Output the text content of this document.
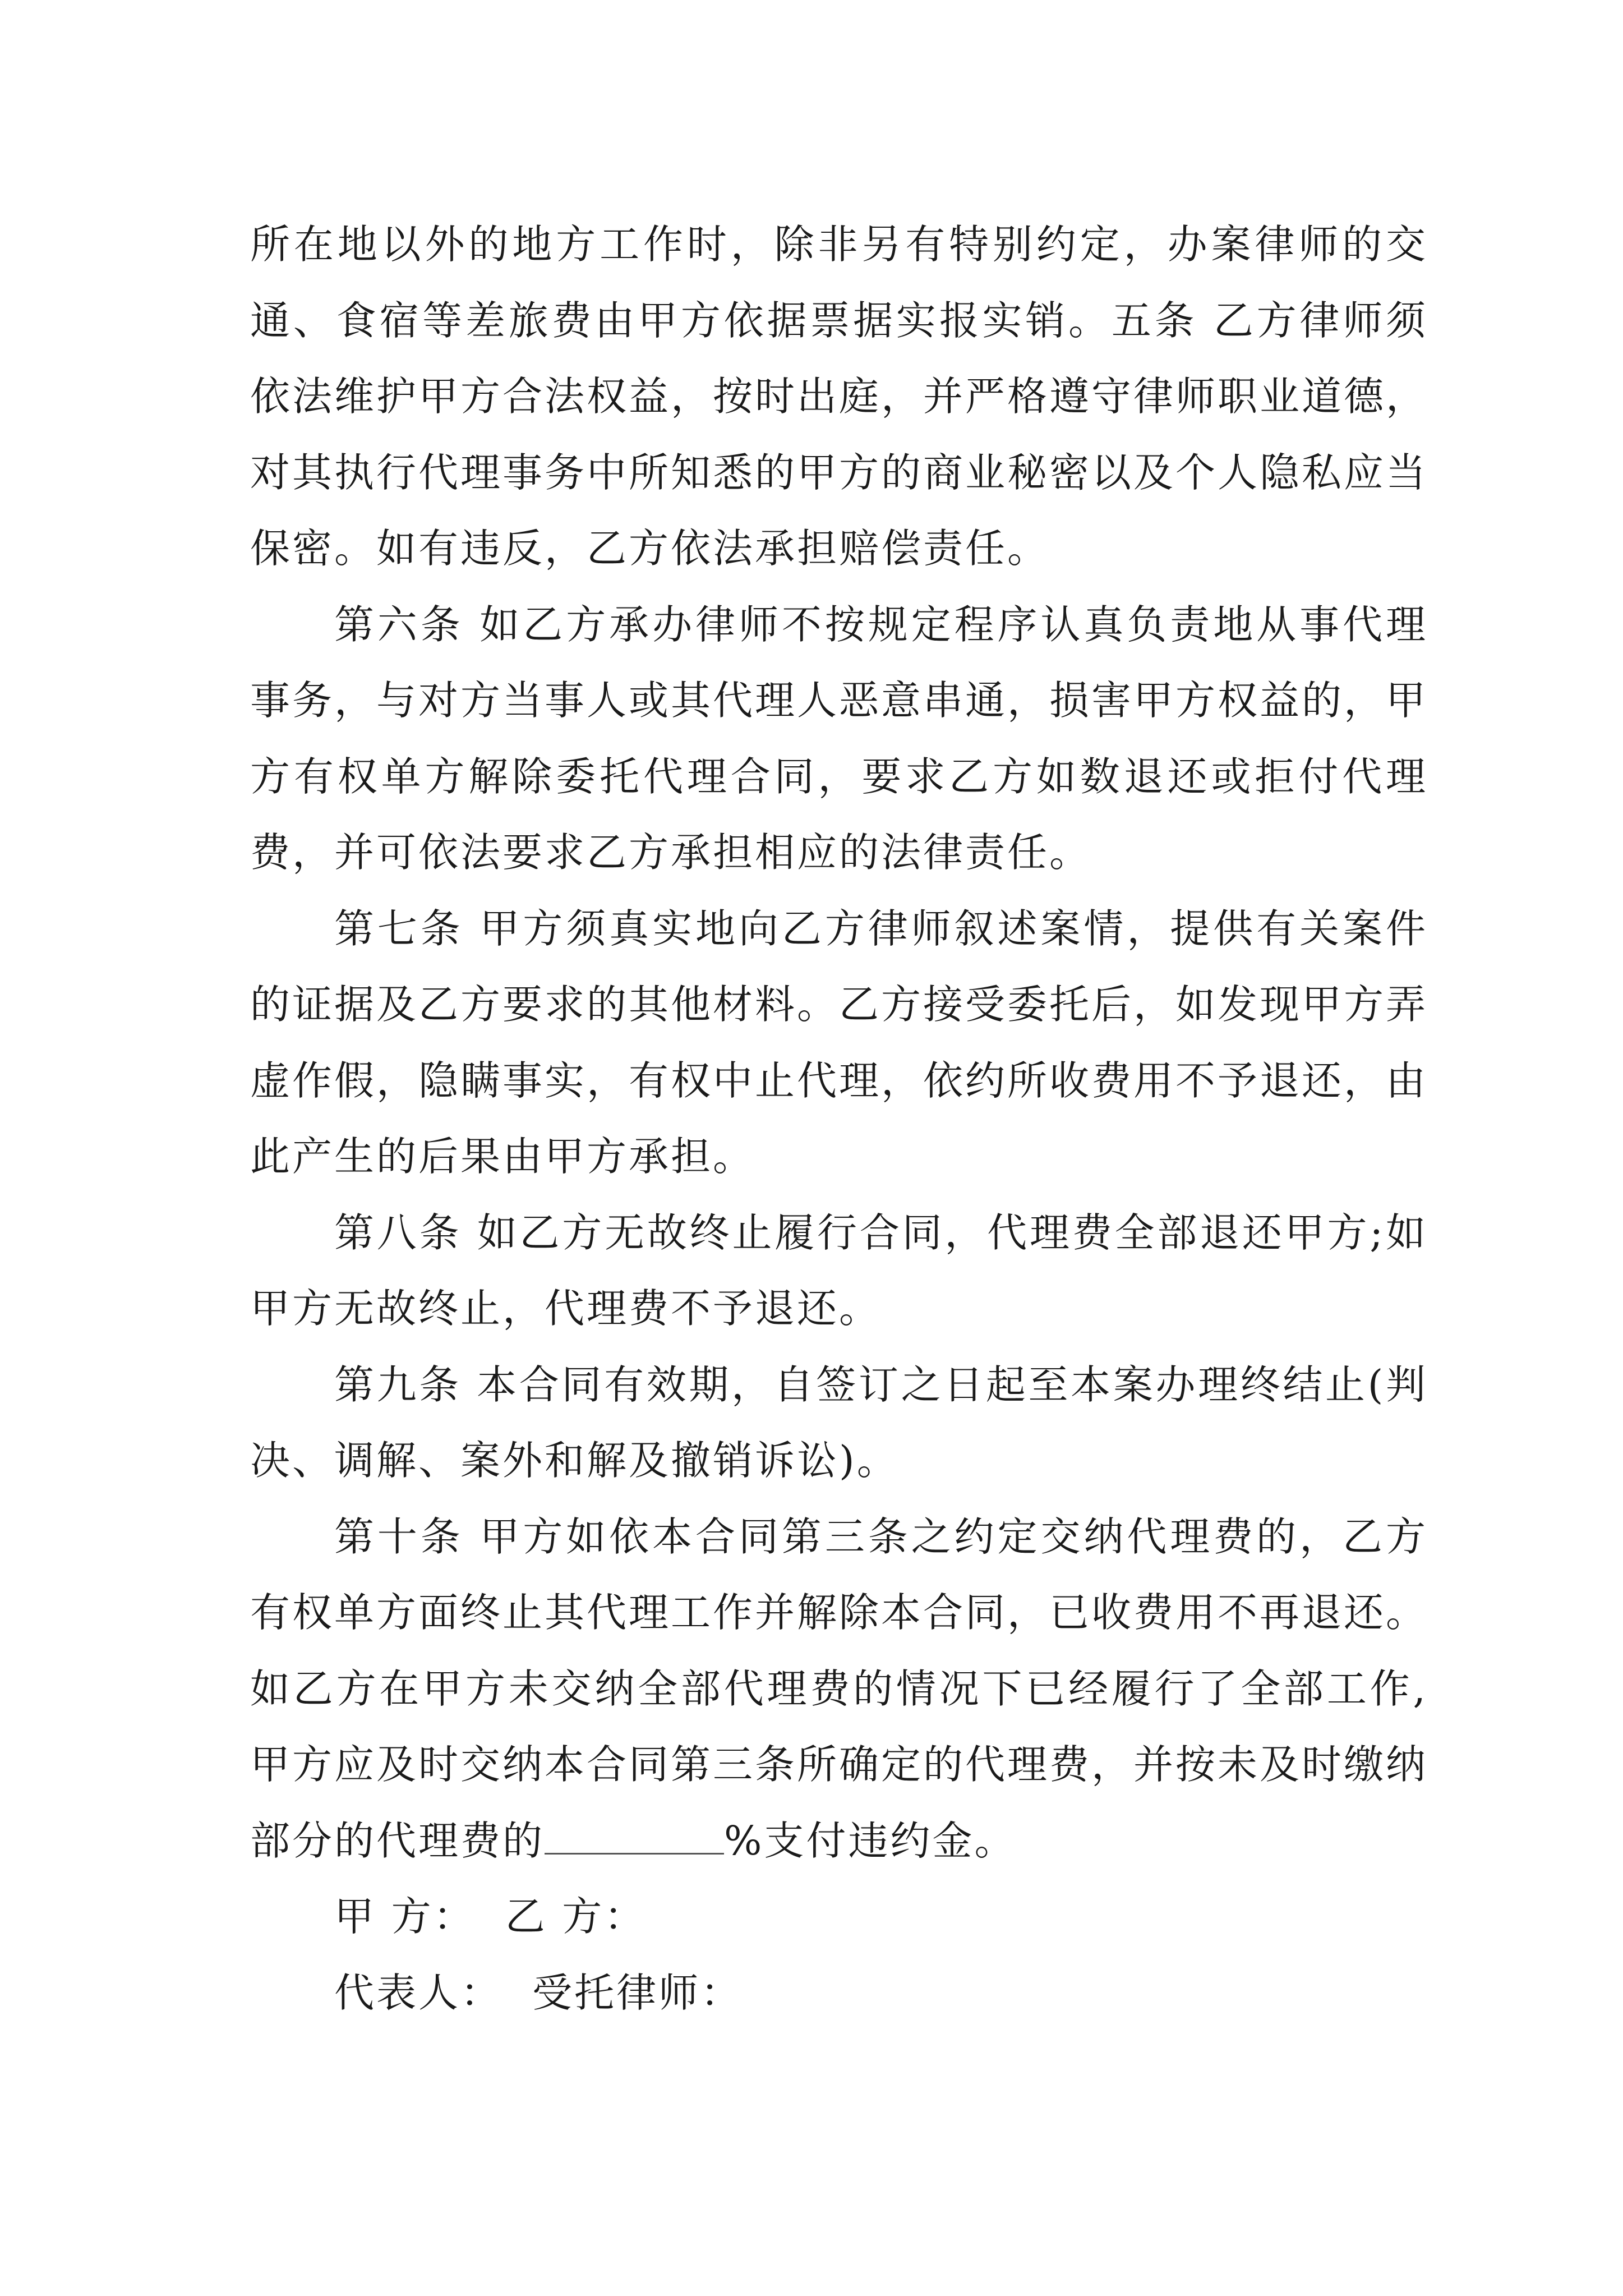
所在地以外的地方工作时，除非另有特别约定，办案律师的交通、食宿等差旅费由甲方依据票据实报实销。五条 乙方律师须依法维护甲方合法权益，按时出庭，并严格遵守律师职业道德，对其执行代理事务中所知悉的甲方的商业秘密以及个人隐私应当保密。如有违反，乙方依法承担赔偿责任。

第六条 如乙方承办律师不按规定程序认真负责地从事代理事务，与对方当事人或其代理人恶意串通，损害甲方权益的，甲方有权单方解除委托代理合同，要求乙方如数退还或拒付代理费，并可依法要求乙方承担相应的法律责任。

第七条 甲方须真实地向乙方律师叙述案情，提供有关案件的证据及乙方要求的其他材料。乙方接受委托后，如发现甲方弄虚作假，隐瞒事实，有权中止代理，依约所收费用不予退还，由此产生的后果由甲方承担。

第八条 如乙方无故终止履行合同，代理费全部退还甲方;如甲方无故终止，代理费不予退还。

第九条 本合同有效期，自签订之日起至本案办理终结止(判决、调解、案外和解及撤销诉讼)。

第十条 甲方如依本合同第三条之约定交纳代理费的，乙方有权单方面终止其代理工作并解除本合同，已收费用不再退还。如乙方在甲方未交纳全部代理费的情况下已经履行了全部工作,甲方应及时交纳本合同第三条所确定的代理费，并按未及时缴纳部分的代理费的	%支付违约金。

甲 方：  乙 方：

代表人：  受托律师：
